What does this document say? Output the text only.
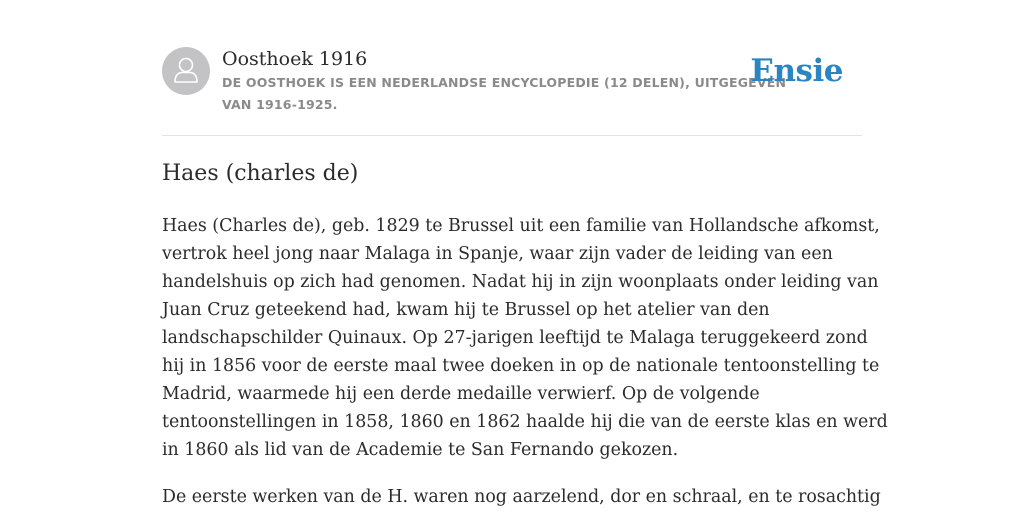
Oosthoek 1916
DE OOSTHOEK IS EEN NEDERLANDSE ENCYCLOPEDIE (12 DELEN), UITGEGEVEN
VAN 1916-1925.
Ensie
Haes (charles de)

Haes (Charles de), geb. 1829 te Brussel uit een familie van Hollandsche afkomst,
vertrok heel jong naar Malaga in Spanje, waar zijn vader de leiding van een
handelshuis op zich had genomen. Nadat hij in zijn woonplaats onder leiding van
Juan Cruz geteekend had, kwam hij te Brussel op het atelier van den
landschapschilder Quinaux. Op 27-jarigen leeftijd te Malaga teruggekeerd zond
hij in 1856 voor de eerste maal twee doeken in op de nationale tentoonstelling te
Madrid, waarmede hij een derde medaille verwierf. Op de volgende
tentoonstellingen in 1858, 1860 en 1862 haalde hij die van de eerste klas en werd
in 1860 als lid van de Academie te San Fernando gekozen.

De eerste werken van de H. waren nog aarzelend, dor en schraal, en te rosachtig
